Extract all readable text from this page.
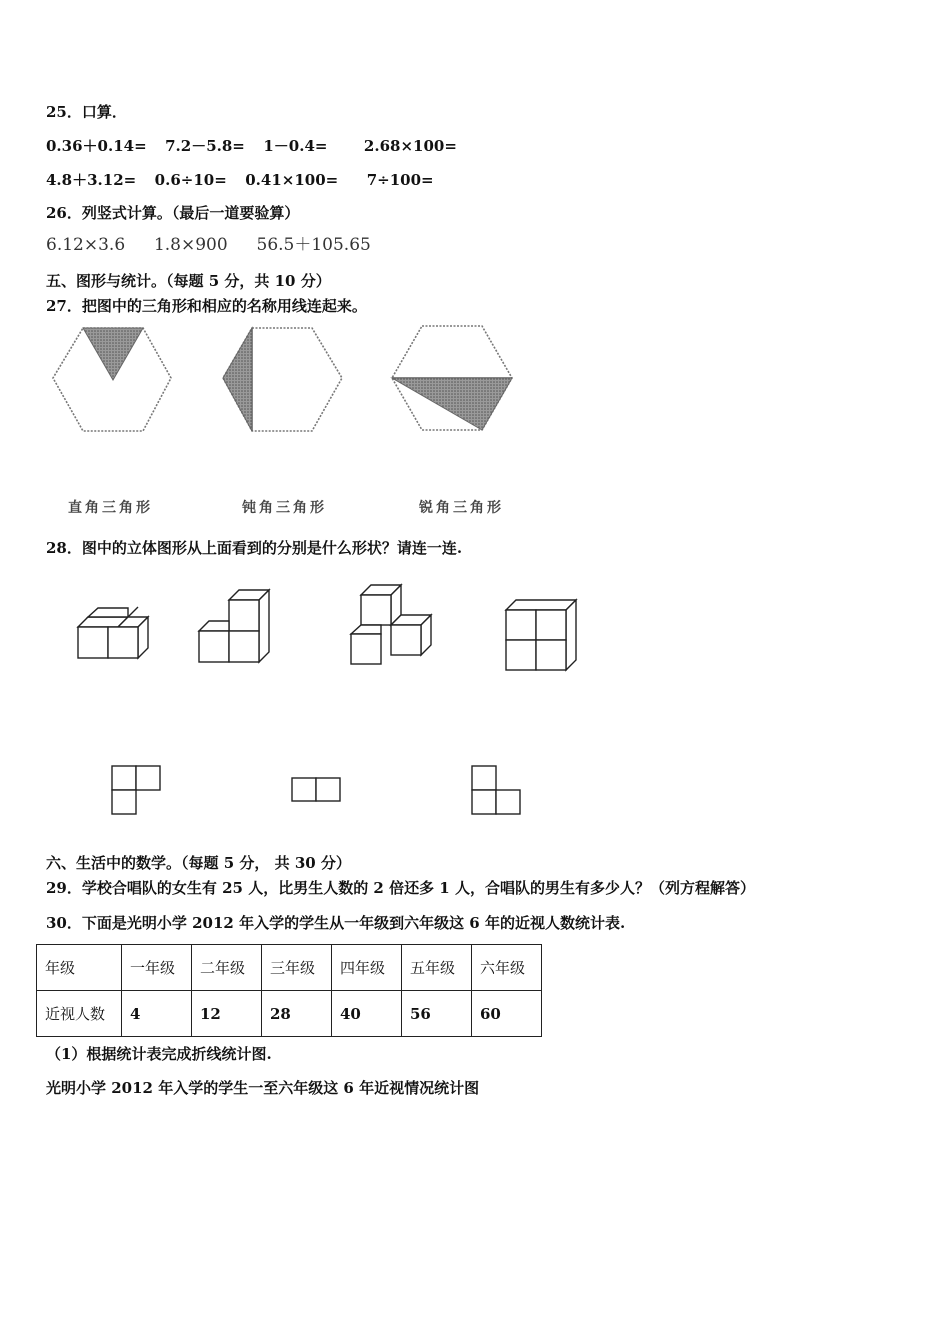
25．口算．
0.36＋0.14= 7.2－5.8= 1－0.4= 2.68×100=
4.8＋3.12= 0.6÷10= 0.41×100= 7÷100=
26．列竖式计算。（最后一道要验算）
6.12×3.6 1.8×900 56.5＋105.65
五、图形与统计。（每题 5 分，共 10 分）
27．把图中的三角形和相应的名称用线连起来。
直角三角形	钝角三角形	锐角三角形
28．图中的立体图形从上面看到的分别是什么形状？请连一连.
六、生活中的数学。（每题 5 分， 共 30 分）
29．学校合唱队的女生有 25 人，比男生人数的 2 倍还多 1 人，合唱队的男生有多少人？（列方程解答）
30．下面是光明小学 2012 年入学的学生从一年级到六年级这 6 年的近视人数统计表.
年级	一年级	二年级	三年级	四年级	五年级	六年级
近视人数	4	12	28	40	56	60
（1）根据统计表完成折线统计图.
光明小学 2012 年入学的学生一至六年级这 6 年近视情况统计图
